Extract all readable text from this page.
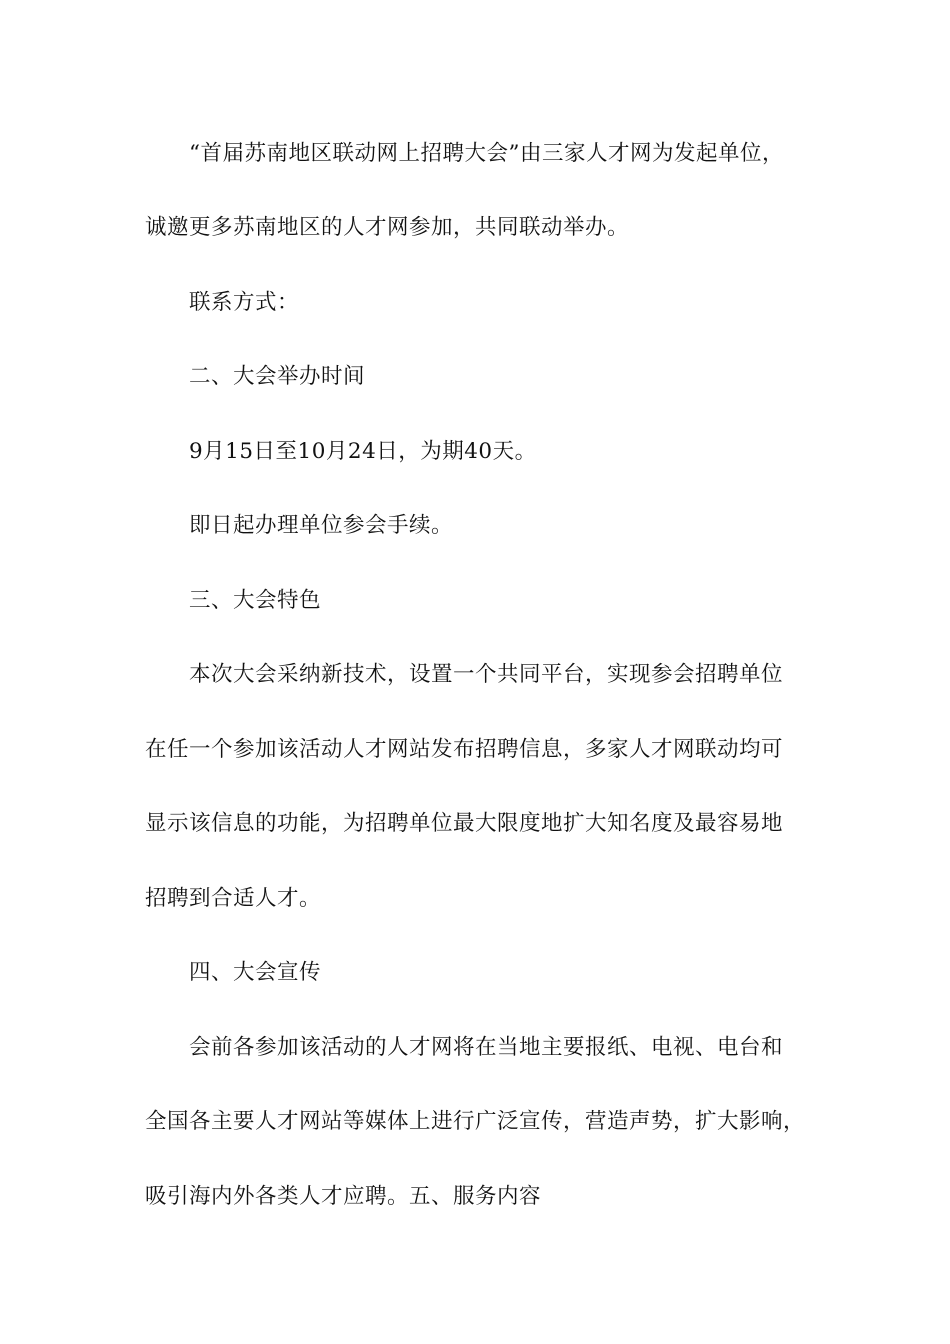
“首届苏南地区联动网上招聘大会”由三家人才网为发起单位，
诚邀更多苏南地区的人才网参加，共同联动举办。
联系方式：
二、大会举办时间
9月15日至10月24日，为期40天。
即日起办理单位参会手续。
三、大会特色
本次大会采纳新技术，设置一个共同平台，实现参会招聘单位
在任一个参加该活动人才网站发布招聘信息，多家人才网联动均可
显示该信息的功能，为招聘单位最大限度地扩大知名度及最容易地
招聘到合适人才。
四、大会宣传
会前各参加该活动的人才网将在当地主要报纸、电视、电台和
全国各主要人才网站等媒体上进行广泛宣传，营造声势，扩大影响，
吸引海内外各类人才应聘。五、服务内容
